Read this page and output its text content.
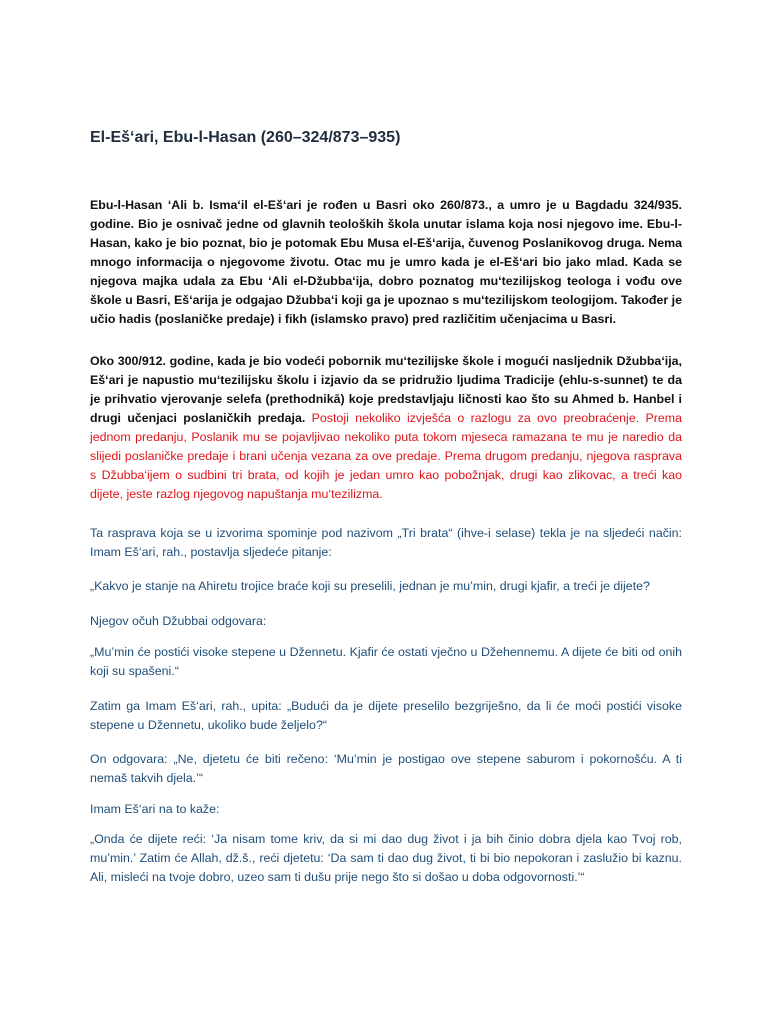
El-Eš‘ari, Ebu-l-Hasan (260–324/873–935)

Ebu-l-Hasan ‘Ali b. Isma‘il el-Eš‘ari je rođen u Basri oko 260/873., a umro je u Bagdadu 324/935. godine. Bio je osnivač jedne od glavnih teoloških škola unutar islama koja nosi njegovo ime. Ebu-l-Hasan, kako je bio poznat, bio je potomak Ebu Musa el-Eš‘arija, čuvenog Poslanikovog druga. Nema mnogo informacija o njegovome životu. Otac mu je umro kada je el-Eš‘ari bio jako mlad. Kada se njegova majka udala za Ebu ‘Ali el-Džubba‘ija, dobro poznatog mu‘tezilijskog teologa i vođu ove škole u Basri, Eš‘arija je odgajao Džubba‘i koji ga je upoznao s mu‘tezilijskom teologijom. Također je učio hadis (poslaničke predaje) i fikh (islamsko pravo) pred različitim učenjacima u Basri.

Oko 300/912. godine, kada je bio vodeći pobornik mu‘tezilijske škole i mogući nasljednik Džubba‘ija, Eš‘ari je napustio mu‘tezilijsku školu i izjavio da se pridružio ljudima Tradicije (ehlu-s-sunnet) te da je prihvatio vjerovanje selefa (prethodnikā) koje predstavljaju ličnosti kao što su Ahmed b. Hanbel i drugi učenjaci poslaničkih predaja. Postoji nekoliko izvješća o razlogu za ovo preobraćenje. Prema jednom predanju, Poslanik mu se pojavljivao nekoliko puta tokom mjeseca ramazana te mu je naredio da slijedi poslaničke predaje i brani učenja vezana za ove predaje. Prema drugom predanju, njegova rasprava s Džubba‘ijem o sudbini tri brata, od kojih je jedan umro kao pobožnjak, drugi kao zlikovac, a treći kao dijete, jeste razlog njegovog napuštanja mu‘tezilizma.

Ta rasprava koja se u izvorima spominje pod nazivom „Tri brata“ (ihve-i selase) tekla je na sljedeći način: Imam Eš‘ari, rah., postavlja sljedeće pitanje:

„Kakvo je stanje na Ahiretu trojice braće koji su preselili, jednan je mu’min, drugi kjafir, a treći je dijete?

Njegov očuh Džubbai odgovara:

„Mu’min će postići visoke stepene u Džennetu. Kjafir će ostati vječno u Džehennemu. A dijete će biti od onih koji su spašeni.“

Zatim ga Imam Eš‘ari, rah., upita: „Budući da je dijete preselilo bezgriješno, da li će moći postići visoke stepene u Džennetu, ukoliko bude željelo?“

On odgovara: „Ne, djetetu će biti rečeno: ‘Mu’min je postigao ove stepene saburom i pokornošću. A ti nemaš takvih djela.’“

Imam Eš‘ari na to kaže:

„Onda će dijete reći: ‘Ja nisam tome kriv, da si mi dao dug život i ja bih činio dobra djela kao Tvoj rob, mu’min.’ Zatim će Allah, dž.š., reći djetetu: ‘Da sam ti dao dug život, ti bi bio nepokoran i zaslužio bi kaznu. Ali, misleći na tvoje dobro, uzeo sam ti dušu prije nego što si došao u doba odgovornosti.’“
